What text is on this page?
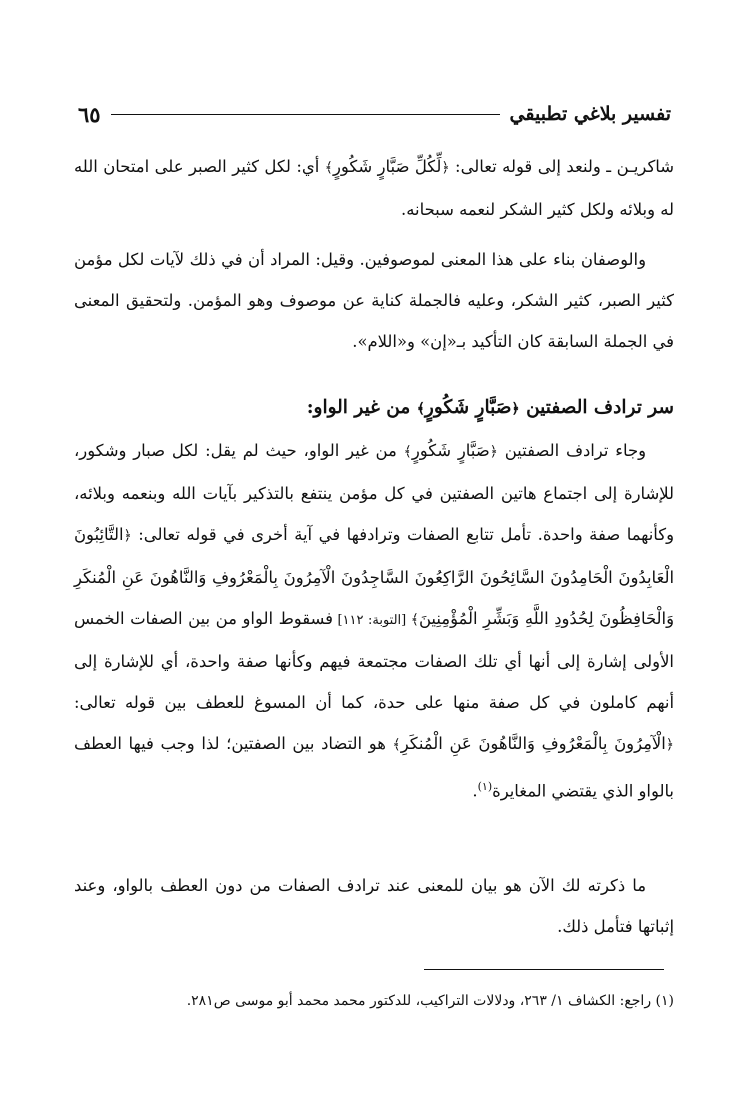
تفسير بلاغي تطبيقي
٦٥

شاكريـن ـ ولنعد إلى قوله تعالى: ﴿لِّكُلِّ صَبَّارٍ شَكُورٍ﴾ أي: لكل كثير الصبر على امتحان الله له وبلائه ولكل كثير الشكر لنعمه سبحانه.

والوصفان بناء على هذا المعنى لموصوفين. وقيل: المراد أن في ذلك لآيات لكل مؤمن كثير الصبر، كثير الشكر، وعليه فالجملة كناية عن موصوف وهو المؤمن. ولتحقيق المعنى في الجملة السابقة كان التأكيد بـ«إن» و«اللام».

سر ترادف الصفتين ﴿صَبَّارٍ شَكُورٍ﴾ من غير الواو:

وجاء ترادف الصفتين ﴿صَبَّارٍ شَكُورٍ﴾ من غير الواو، حيث لم يقل: لكل صبار وشكور، للإشارة إلى اجتماع هاتين الصفتين في كل مؤمن ينتفع بالتذكير بآيات الله وبنعمه وبلائه، وكأنهما صفة واحدة. تأمل تتابع الصفات وترادفها في آية أخرى في قوله تعالى: ﴿التَّائِبُونَ الْعَابِدُونَ الْحَامِدُونَ السَّائِحُونَ الرَّاكِعُونَ السَّاجِدُونَ الْآمِرُونَ بِالْمَعْرُوفِ وَالنَّاهُونَ عَنِ الْمُنكَرِ وَالْحَافِظُونَ لِحُدُودِ اللَّهِ وَبَشِّرِ الْمُؤْمِنِينَ﴾ [التوبة: ١١٢] فسقوط الواو من بين الصفات الخمس الأولى إشارة إلى أنها أي تلك الصفات مجتمعة فيهم وكأنها صفة واحدة، أي للإشارة إلى أنهم كاملون في كل صفة منها على حدة، كما أن المسوغ للعطف بين قوله تعالى: ﴿الْآمِرُونَ بِالْمَعْرُوفِ وَالنَّاهُونَ عَنِ الْمُنكَرِ﴾ هو التضاد بين الصفتين؛ لذا وجب فيها العطف بالواو الذي يقتضي المغايرة$^{(١)}$.

ما ذكرته لك الآن هو بيان للمعنى عند ترادف الصفات من دون العطف بالواو، وعند إثباتها فتأمل ذلك.

(١) راجع: الكشاف ١/ ٢٦٣، ودلالات التراكيب، للدكتور محمد محمد أبو موسى ص٢٨١.
